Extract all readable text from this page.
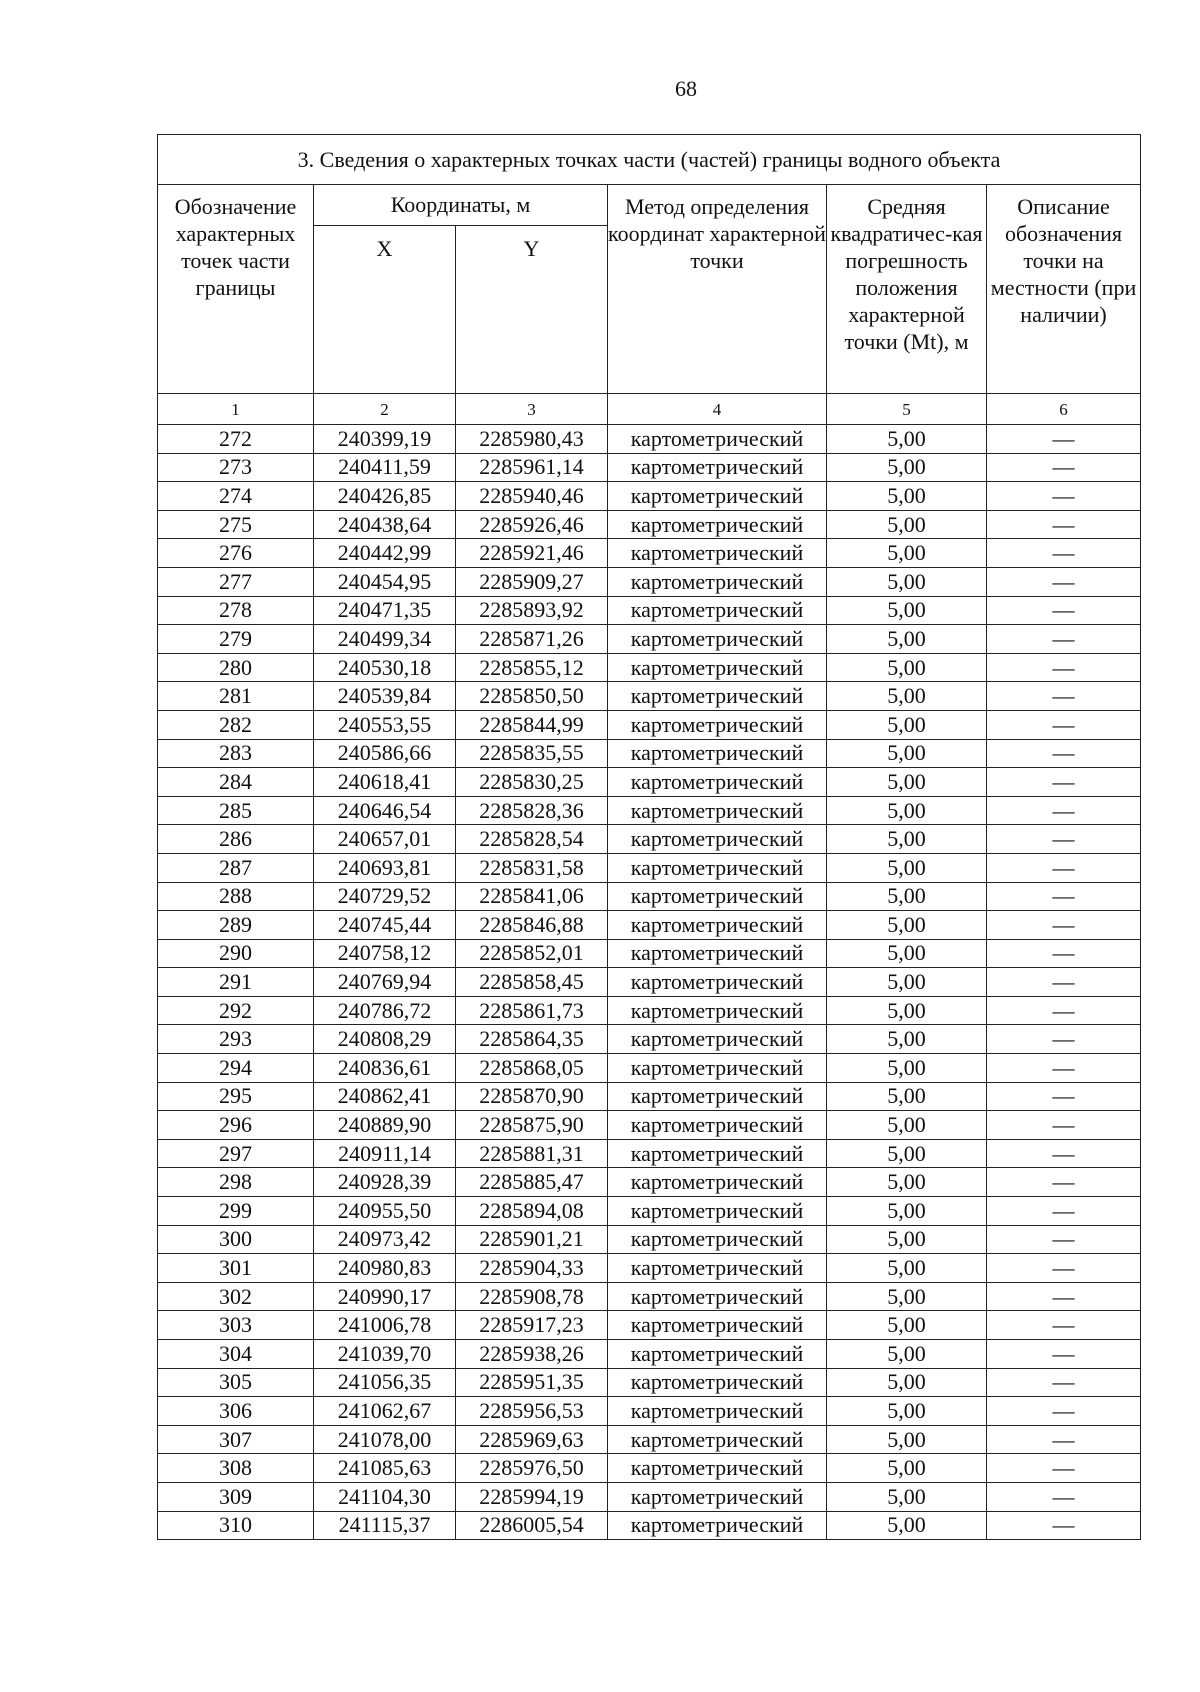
68
3. Сведения о характерных точках части (частей) границы водного объекта					
Обозначение характерных точек части границы	Координаты, м		Метод определения координат характерной точки	Средняя квадратичес-кая погрешность положения характерной точки (Mt), м	Описание обозначения точки на местности (при наличии)
	X	Y			
1	2	3	4	5	6
272	240399,19	2285980,43	картометрический	5,00	—
273	240411,59	2285961,14	картометрический	5,00	—
274	240426,85	2285940,46	картометрический	5,00	—
275	240438,64	2285926,46	картометрический	5,00	—
276	240442,99	2285921,46	картометрический	5,00	—
277	240454,95	2285909,27	картометрический	5,00	—
278	240471,35	2285893,92	картометрический	5,00	—
279	240499,34	2285871,26	картометрический	5,00	—
280	240530,18	2285855,12	картометрический	5,00	—
281	240539,84	2285850,50	картометрический	5,00	—
282	240553,55	2285844,99	картометрический	5,00	—
283	240586,66	2285835,55	картометрический	5,00	—
284	240618,41	2285830,25	картометрический	5,00	—
285	240646,54	2285828,36	картометрический	5,00	—
286	240657,01	2285828,54	картометрический	5,00	—
287	240693,81	2285831,58	картометрический	5,00	—
288	240729,52	2285841,06	картометрический	5,00	—
289	240745,44	2285846,88	картометрический	5,00	—
290	240758,12	2285852,01	картометрический	5,00	—
291	240769,94	2285858,45	картометрический	5,00	—
292	240786,72	2285861,73	картометрический	5,00	—
293	240808,29	2285864,35	картометрический	5,00	—
294	240836,61	2285868,05	картометрический	5,00	—
295	240862,41	2285870,90	картометрический	5,00	—
296	240889,90	2285875,90	картометрический	5,00	—
297	240911,14	2285881,31	картометрический	5,00	—
298	240928,39	2285885,47	картометрический	5,00	—
299	240955,50	2285894,08	картометрический	5,00	—
300	240973,42	2285901,21	картометрический	5,00	—
301	240980,83	2285904,33	картометрический	5,00	—
302	240990,17	2285908,78	картометрический	5,00	—
303	241006,78	2285917,23	картометрический	5,00	—
304	241039,70	2285938,26	картометрический	5,00	—
305	241056,35	2285951,35	картометрический	5,00	—
306	241062,67	2285956,53	картометрический	5,00	—
307	241078,00	2285969,63	картометрический	5,00	—
308	241085,63	2285976,50	картометрический	5,00	—
309	241104,30	2285994,19	картометрический	5,00	—
310	241115,37	2286005,54	картометрический	5,00	—
